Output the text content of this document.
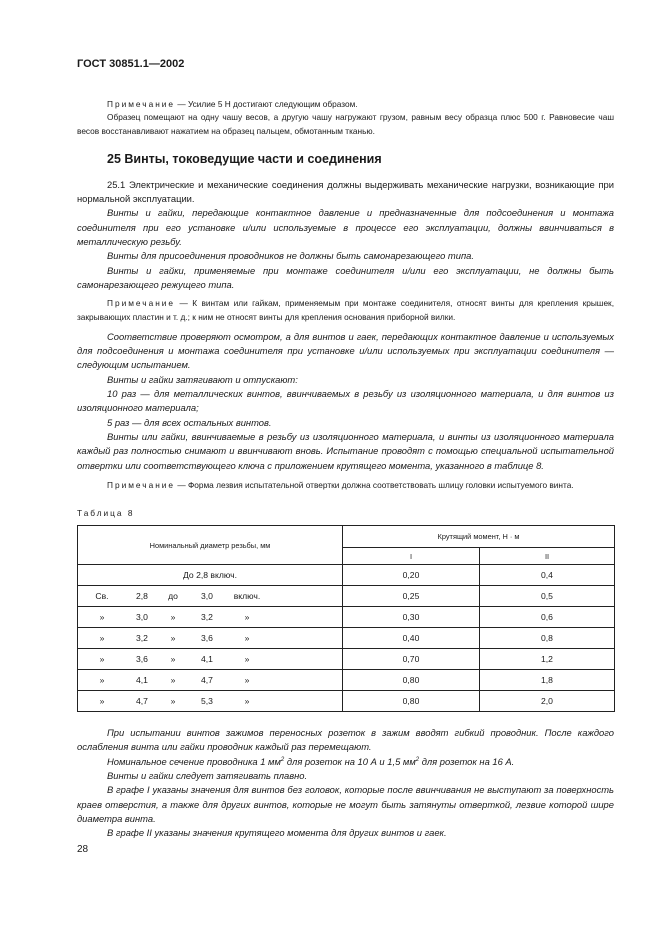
ГОСТ 30851.1—2002

Примечание — Усилие 5 Н достигают следующим образом.

Образец помещают на одну чашу весов, а другую чашу нагружают грузом, равным весу образца плюс 500 г. Равновесие чаш весов восстанавливают нажатием на образец пальцем, обмотанным тканью.

25 Винты, токоведущие части и соединения

25.1 Электрические и механические соединения должны выдерживать механические нагрузки, возникающие при нормальной эксплуатации.

Винты и гайки, передающие контактное давление и предназначенные для подсоединения и монтажа соединителя при его установке и/или используемые в процессе его эксплуатации, должны ввинчиваться в металлическую резьбу.

Винты для присоединения проводников не должны быть самонарезающего типа.

Винты и гайки, применяемые при монтаже соединителя и/или его эксплуатации, не должны быть самонарезающего режущего типа.

Примечание — К винтам или гайкам, применяемым при монтаже соединителя, относят винты для крепления крышек, закрывающих пластин и т. д.; к ним не относят винты для крепления основания приборной вилки.

Соответствие проверяют осмотром, а для винтов и гаек, передающих контактное давление и используемых для подсоединения и монтажа соединителя при установке и/или используемых при эксплуатации соединителя — следующим испытанием.

Винты и гайки затягивают и отпускают:

10 раз — для металлических винтов, ввинчиваемых в резьбу из изоляционного материала, и для винтов из изоляционного материала;

5 раз — для всех остальных винтов.

Винты или гайки, ввинчиваемые в резьбу из изоляционного материала, и винты из изоляционного материала каждый раз полностью снимают и ввинчивают вновь. Испытание проводят с помощью специальной испытательной отвертки или соответствующего ключа с приложением крутящего момента, указанного в таблице 8.

Примечание — Форма лезвия испытательной отвертки должна соответствовать шлицу головки испытуемого винта.

Таблица 8
Номинальный диаметр резьбы, мм	Крутящий момент, Н · м	
	I	II
До 2,8 включ.	0,20	0,4

Св. 2,8 до 3,0 включ.	0,25	0,5

» 3,0 » 3,2 »	0,30	0,6

» 3,2 » 3,6 »	0,40	0,8

» 3,6 » 4,1 »	0,70	1,2

» 4,1 » 4,7 »	0,80	1,8

» 4,7 » 5,3 »	0,80	2,0

При испытании винтов зажимов переносных розеток в зажим вводят гибкий проводник. После каждого ослабления винта или гайки проводник каждый раз перемещают.

Номинальное сечение проводника 1 $мм^2$ для розеток на 10 А и 1,5 $мм^2$ для розеток на 16 А.

Винты и гайки следует затягивать плавно.

В графе I указаны значения для винтов без головок, которые после ввинчивания не выступают за поверхность краев отверстия, а также для других винтов, которые не могут быть затянуты отверткой, лезвие которой шире диаметра винта.

В графе II указаны значения крутящего момента для других винтов и гаек.

28
